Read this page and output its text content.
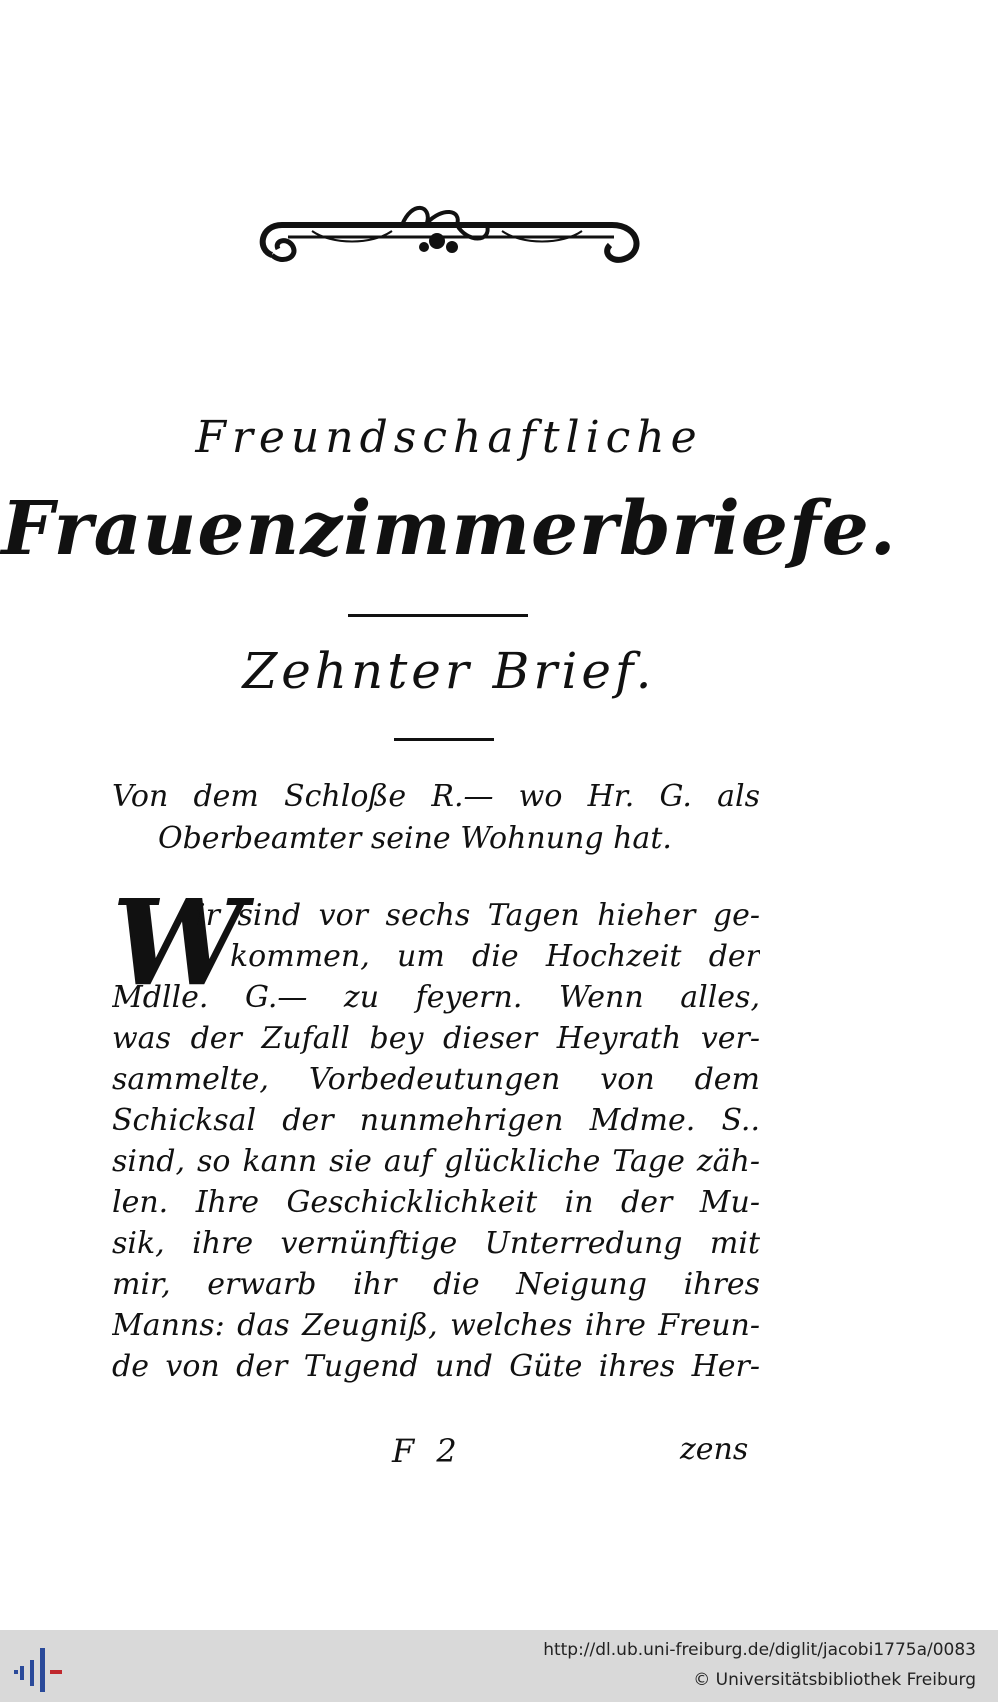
Freundschaftliche
Frauenzimmerbriefe.
Zehnter Brief.
Von dem Schloße R.— wo Hr. G. als
Oberbeamter seine Wohnung hat.
W
ir sind vor sechs Tagen hieher ge-
kommen, um die Hochzeit der
Mdlle. G.— zu feyern. Wenn alles,
was der Zufall bey dieser Heyrath ver-
sammelte, Vorbedeutungen von dem
Schicksal der nunmehrigen Mdme. S..
sind, so kann sie auf glückliche Tage zäh-
len. Ihre Geschicklichkeit in der Mu-
sik, ihre vernünftige Unterredung mit
mir, erwarb ihr die Neigung ihres
Manns: das Zeugniß, welches ihre Freun-
de von der Tugend und Güte ihres Her-
F 2	zens
http://dl.ub.uni-freiburg.de/diglit/jacobi1775a/0083
© Universitätsbibliothek Freiburg
